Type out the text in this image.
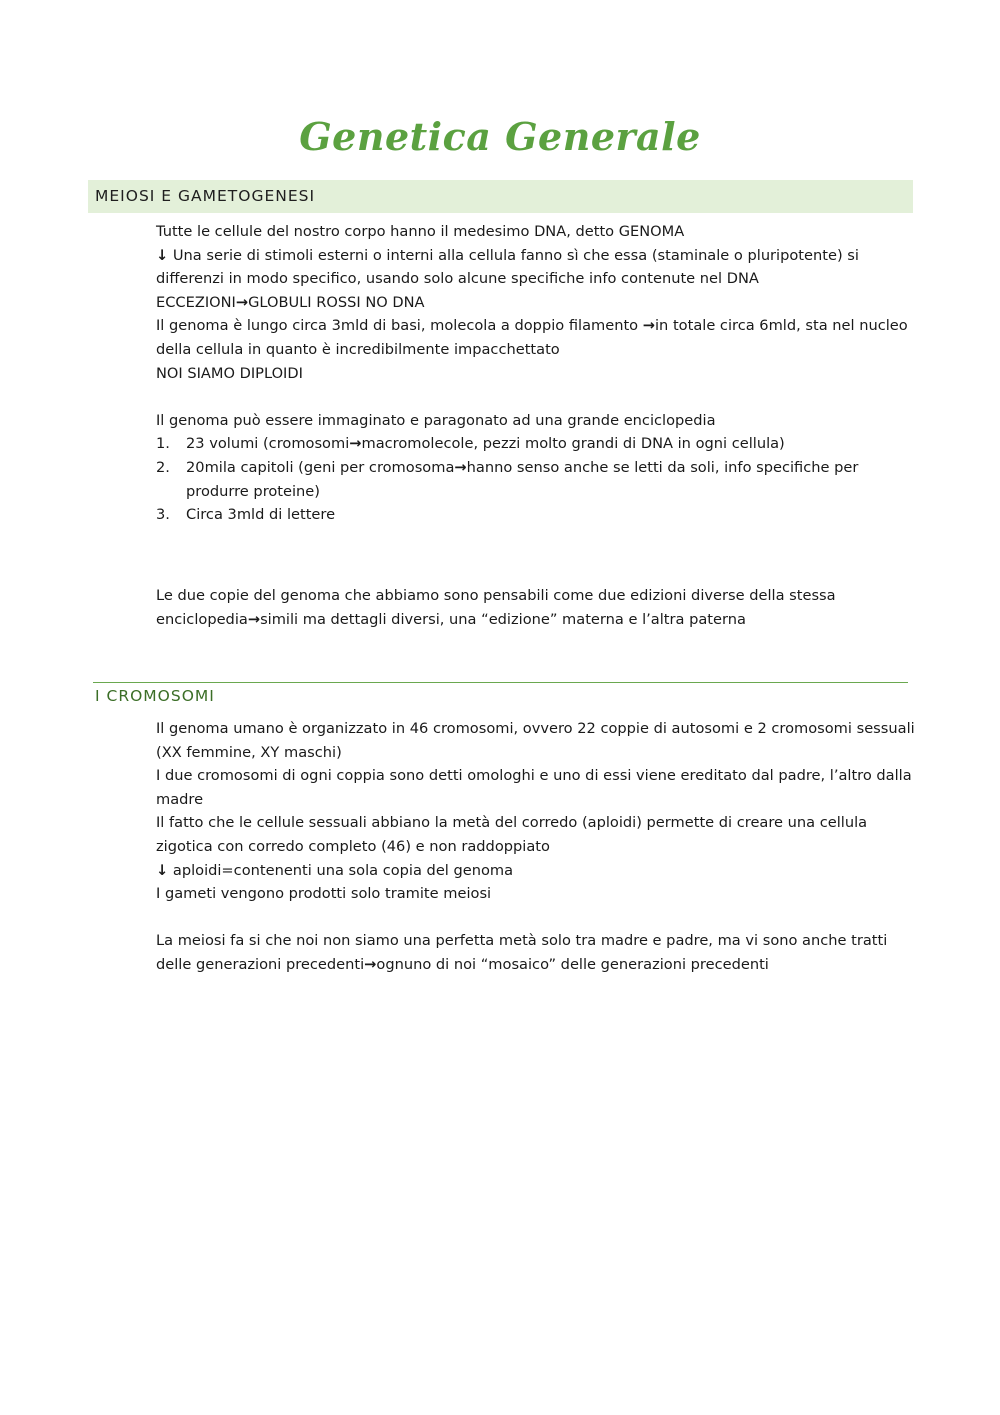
Genetica Generale
MEIOSI E GAMETOGENESI

Tutte le cellule del nostro corpo hanno il medesimo DNA, detto GENOMA

↓ Una serie di stimoli esterni o interni alla cellula fanno sì che essa (staminale o pluripotente) si differenzi in modo specifico, usando solo alcune specifiche info contenute nel DNA

ECCEZIONI→GLOBULI ROSSI NO DNA

Il genoma è lungo circa 3mld di basi, molecola a doppio filamento →in totale circa 6mld, sta nel nucleo della cellula in quanto è incredibilmente impacchettato

NOI SIAMO DIPLOIDI

Il genoma può essere immaginato e paragonato ad una grande enciclopedia

1.	23 volumi (cromosomi→macromolecole, pezzi molto grandi di DNA in ogni cellula)
2.	20mila capitoli (geni per cromosoma→hanno senso anche se letti da soli, info specifiche per produrre proteine)
3.	Circa 3mld di lettere

Le due copie del genoma che abbiamo sono pensabili come due edizioni diverse della stessa enciclopedia→simili ma dettagli diversi, una “edizione” materna e l’altra paterna

I CROMOSOMI

Il genoma umano è organizzato in 46 cromosomi, ovvero 22 coppie di autosomi e 2 cromosomi sessuali (XX femmine, XY maschi)

I due cromosomi di ogni coppia sono detti omologhi e uno di essi viene ereditato dal padre, l’altro dalla madre

Il fatto che le cellule sessuali abbiano la metà del corredo (aploidi) permette di creare una cellula zigotica con corredo completo (46) e non raddoppiato

↓ aploidi=contenenti una sola copia del genoma

I gameti vengono prodotti solo tramite meiosi

La meiosi fa si che noi non siamo una perfetta metà solo tra madre e padre, ma vi sono anche tratti delle generazioni precedenti→ognuno di noi “mosaico” delle generazioni precedenti
